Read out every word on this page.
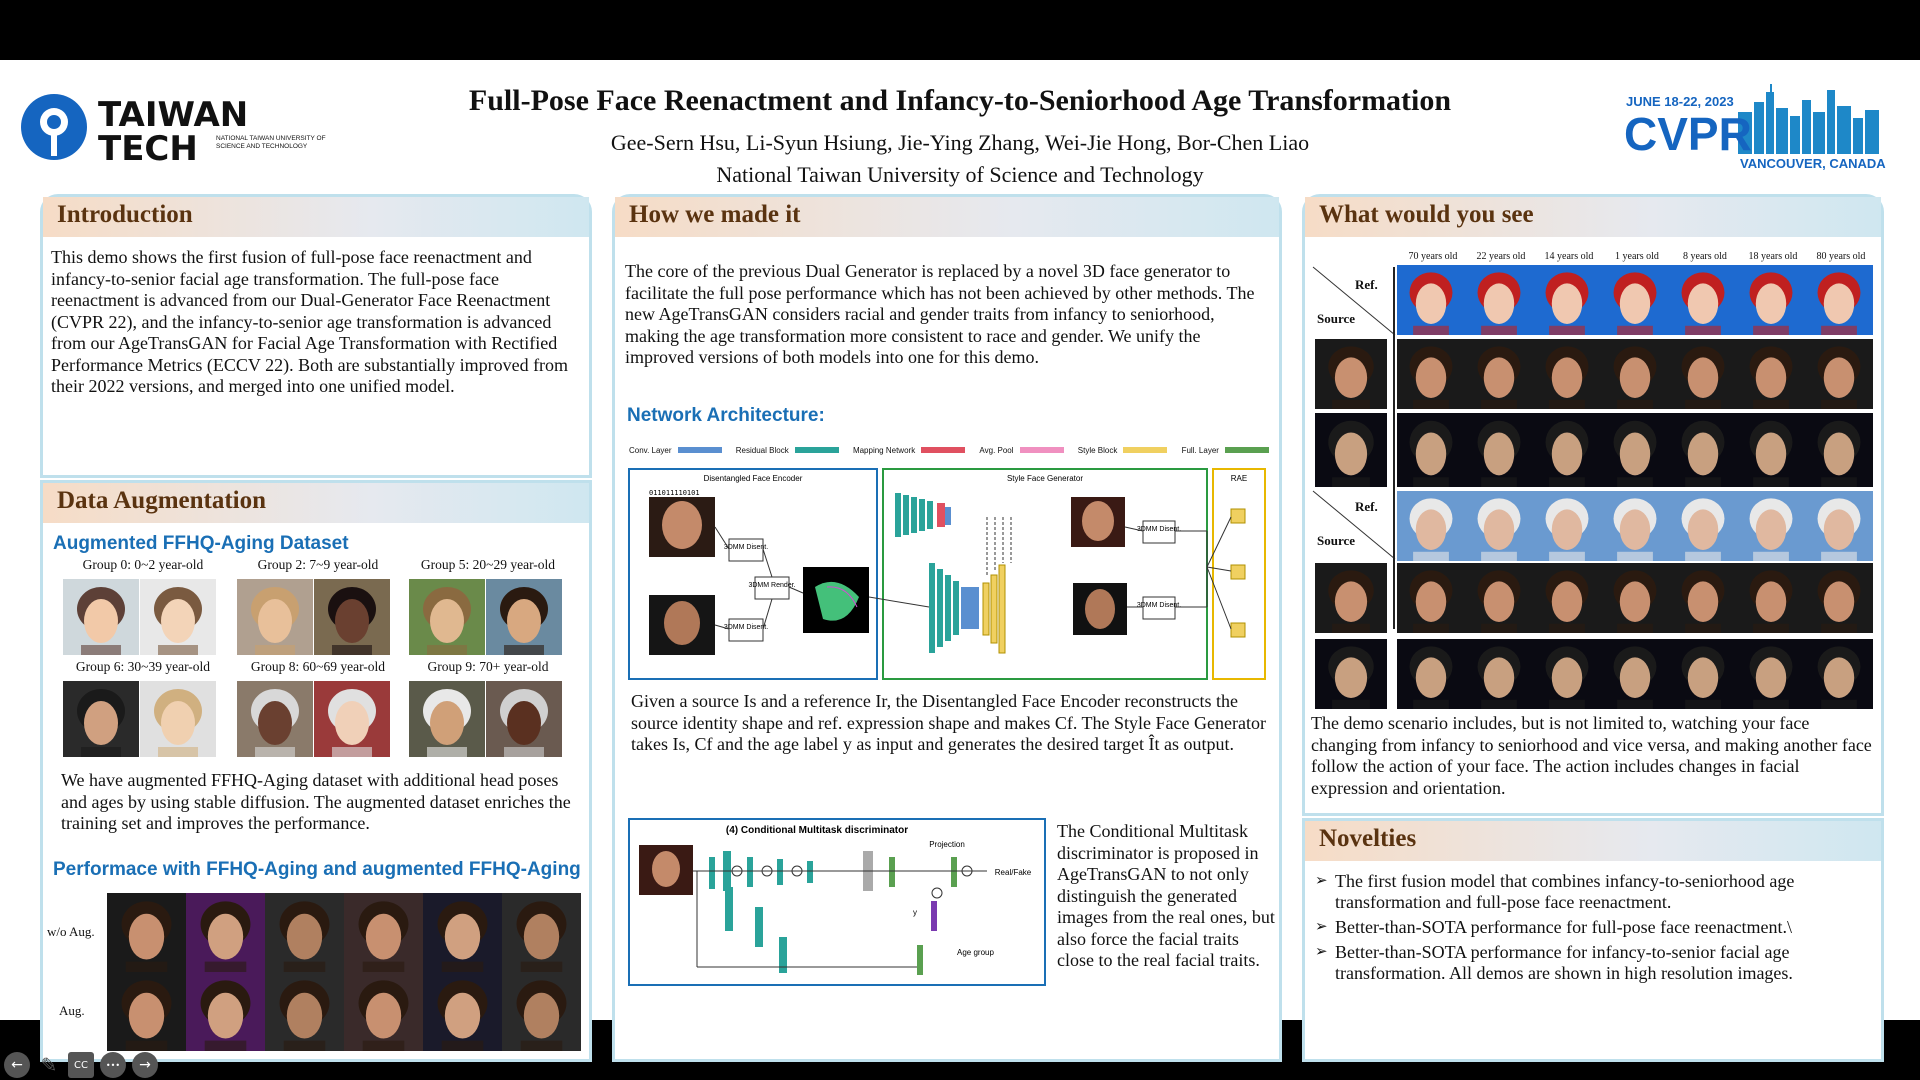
TAIWAN
TECH	NATIONAL TAIWAN UNIVERSITY OF SCIENCE AND TECHNOLOGY
Full-Pose Face Reenactment and Infancy-to-Seniorhood Age Transformation
Gee-Sern Hsu, Li-Syun Hsiung, Jie-Ying Zhang, Wei-Jie Hong, Bor-Chen Liao
National Taiwan University of Science and Technology
JUNE 18-22, 2023
CVPR
VANCOUVER, CANADA
Introduction
This demo shows the first fusion of full-pose face reenactment and infancy-to-senior facial age transformation. The full-pose face reenactment is advanced from our Dual-Generator Face Reenactment (CVPR 22), and the infancy-to-senior age transformation is advanced from our AgeTransGAN for Facial Age Transformation with Rectified Performance Metrics (ECCV 22). Both are substantially improved from their 2022 versions, and merged into one unified model.
Data Augmentation
Augmented FFHQ-Aging Dataset
Group 0: 0~2 year-old	Group 2: 7~9 year-old	Group 5: 20~29 year-old
Group 6: 30~39 year-old	Group 8: 60~69 year-old	Group 9: 70+ year-old
We have augmented FFHQ-Aging dataset with additional head poses and ages by using stable diffusion. The augmented dataset enriches the training set and improves the performance.
Performace with FFHQ-Aging and augmented FFHQ-Aging
w/o Aug.
Aug.
How we made it
The core of the previous Dual Generator is replaced by a novel 3D face generator to facilitate the full pose performance which has not been achieved by other methods. The new AgeTransGAN considers racial and gender traits from infancy to seniorhood, making the age transformation more consistent to race and gender. We unify the improved versions of both models into one for this demo.
Network Architecture:
Conv. Layer	Residual Block	Mapping Network	Avg. Pool	Style Block	Full. Layer
Disentangled Face Encoder	Style Face Generator	RAE
011011110101
3DMM Disent.
3DMM Disent.
3DMM Render.
3DMM Disent.
3DMM Disent.
Given a source Is and a reference Ir, the Disentangled Face Encoder reconstructs the source identity shape and ref. expression shape and makes Cf. The Style Face Generator takes Is, Cf and the age label y as input and generates the desired target Ît as output.
(4) Conditional Multitask discriminator
Projection
Real/Fake
Age group
y
The Conditional Multitask discriminator is proposed in AgeTransGAN to not only distinguish the generated images from the real ones, but also force the facial traits close to the real facial traits.
What would you see
70 years old	22 years old	14 years old	1 years old	8 years old	18 years old	80 years old
Ref.
Source
Ref.
Source
The demo scenario includes, but is not limited to, watching your face changing from infancy to seniorhood and vice versa, and making another face follow the action of your face. The action includes changes in facial expression and orientation.
Novelties
➢ The first fusion model that combines infancy-to-seniorhood age transformation and full-pose face reenactment.
➢ Better-than-SOTA performance for full-pose face reenactment.\
➢ Better-than-SOTA performance for infancy-to-senior facial age transformation. All demos are shown in high resolution images.
← ✎	CC	•••	→
